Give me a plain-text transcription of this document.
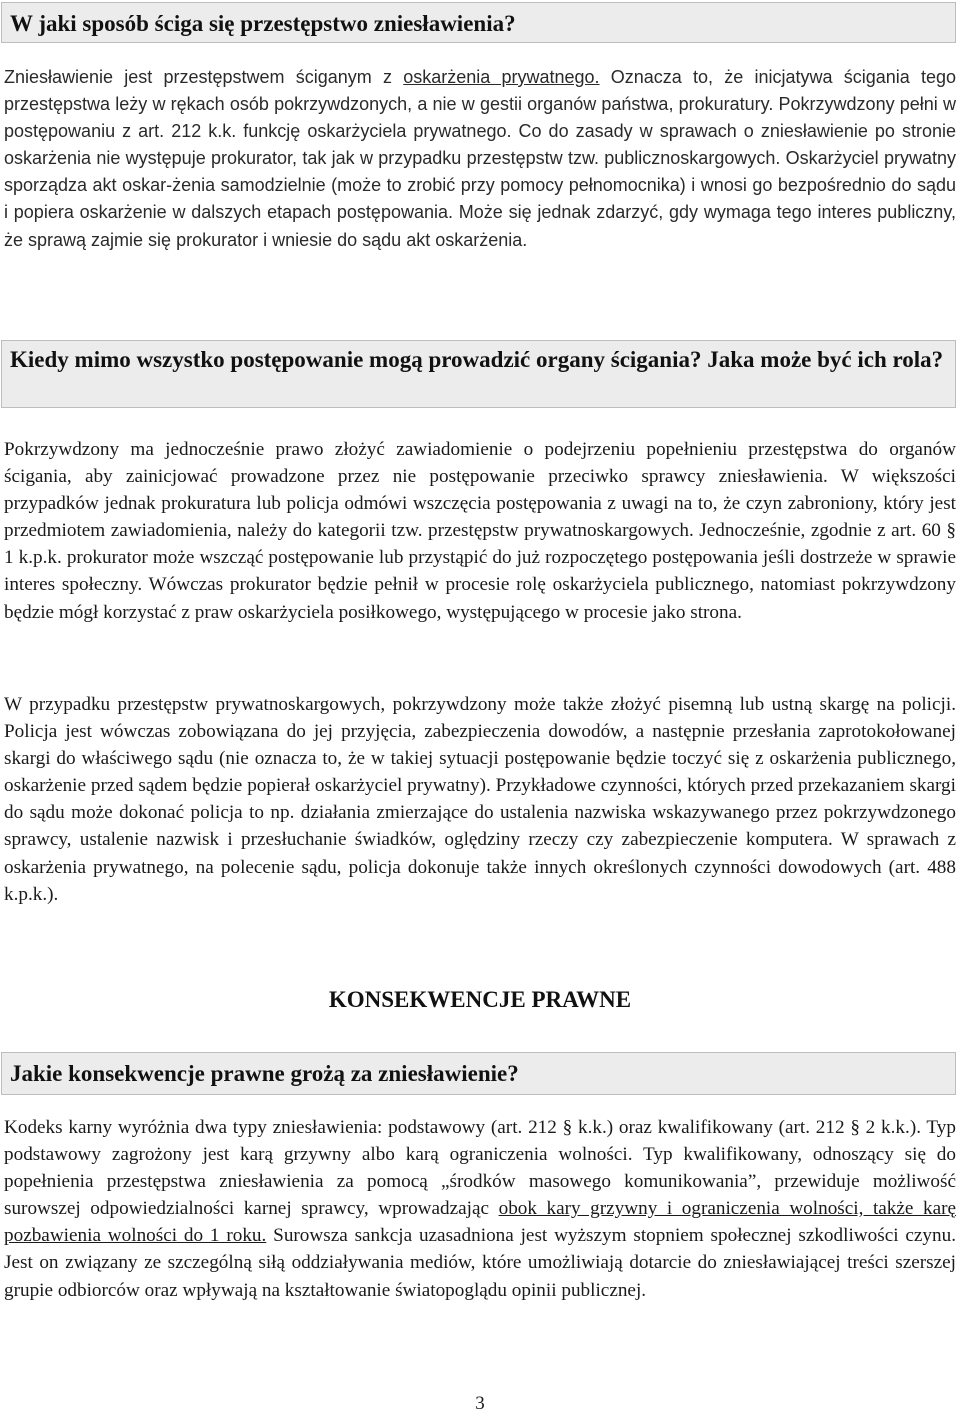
W jaki sposób ściga się przestępstwo zniesławienia?

Zniesławienie jest przestępstwem ściganym z oskarżenia prywatnego. Oznacza to, że inicjatywa ścigania tego przestępstwa leży w rękach osób pokrzywdzonych, a nie w gestii organów państwa, prokuratury. Pokrzywdzony pełni w postępowaniu z art. 212 k.k. funkcję oskarżyciela prywatnego. Co do zasady w sprawach o zniesławienie po stronie oskarżenia nie występuje prokurator, tak jak w przypadku przestępstw tzw. publicznoskargowych. Oskarżyciel prywatny sporządza akt oskar-żenia samodzielnie (może to zrobić przy pomocy pełnomocnika) i wnosi go bezpośrednio do sądu i popiera oskarżenie w dalszych etapach postępowania. Może się jednak zdarzyć, gdy wymaga tego interes publiczny, że sprawą zajmie się prokurator i wniesie do sądu akt oskarżenia.

Kiedy mimo wszystko postępowanie mogą prowadzić organy ścigania? Jaka może być ich rola?

Pokrzywdzony ma jednocześnie prawo złożyć zawiadomienie o podejrzeniu popełnieniu przestępstwa do organów ścigania, aby zainicjować prowadzone przez nie postępowanie przeciwko sprawcy zniesławienia. W większości przypadków jednak prokuratura lub policja odmówi wszczęcia postępowania z uwagi na to, że czyn zabroniony, który jest przedmiotem zawiadomienia, należy do kategorii tzw. przestępstw prywatnoskargowych. Jednocześnie, zgodnie z art. 60 § 1 k.p.k. prokurator może wszcząć postępowanie lub przystąpić do już rozpoczętego postępowania jeśli dostrzeże w sprawie interes społeczny. Wówczas prokurator będzie pełnił w procesie rolę oskarżyciela publicznego, natomiast pokrzywdzony będzie mógł korzystać z praw oskarżyciela posiłkowego, występującego w procesie jako strona.

W przypadku przestępstw prywatnoskargowych, pokrzywdzony może także złożyć pisemną lub ustną skargę na policji. Policja jest wówczas zobowiązana do jej przyjęcia, zabezpieczenia dowodów, a następnie przesłania zaprotokołowanej skargi do właściwego sądu (nie oznacza to, że w takiej sytuacji postępowanie będzie toczyć się z oskarżenia publicznego, oskarżenie przed sądem będzie popierał oskarżyciel prywatny). Przykładowe czynności, których przed przekazaniem skargi do sądu może dokonać policja to np. działania zmierzające do ustalenia nazwiska wskazywanego przez pokrzywdzonego sprawcy, ustalenie nazwisk i przesłuchanie świadków, oględziny rzeczy czy zabezpieczenie komputera. W sprawach z oskarżenia prywatnego, na polecenie sądu, policja dokonuje także innych określonych czynności dowodowych (art. 488 k.p.k.).

KONSEKWENCJE PRAWNE
Jakie konsekwencje prawne grożą za zniesławienie?

Kodeks karny wyróżnia dwa typy zniesławienia: podstawowy (art. 212 § k.k.) oraz kwalifikowany (art. 212 § 2 k.k.). Typ podstawowy zagrożony jest karą grzywny albo karą ograniczenia wolności. Typ kwalifikowany, odnoszący się do popełnienia przestępstwa zniesławienia za pomocą „środków masowego komunikowania”, przewiduje możliwość surowszej odpowiedzialności karnej sprawcy, wprowadzając obok kary grzywny i ograniczenia wolności, także karę pozbawienia wolności do 1 roku. Surowsza sankcja uzasadniona jest wyższym stopniem społecznej szkodliwości czynu. Jest on związany ze szczególną siłą oddziaływania mediów, które umożliwiają dotarcie do zniesławiającej treści szerszej grupie odbiorców oraz wpływają na kształtowanie światopoglądu opinii publicznej.

3
